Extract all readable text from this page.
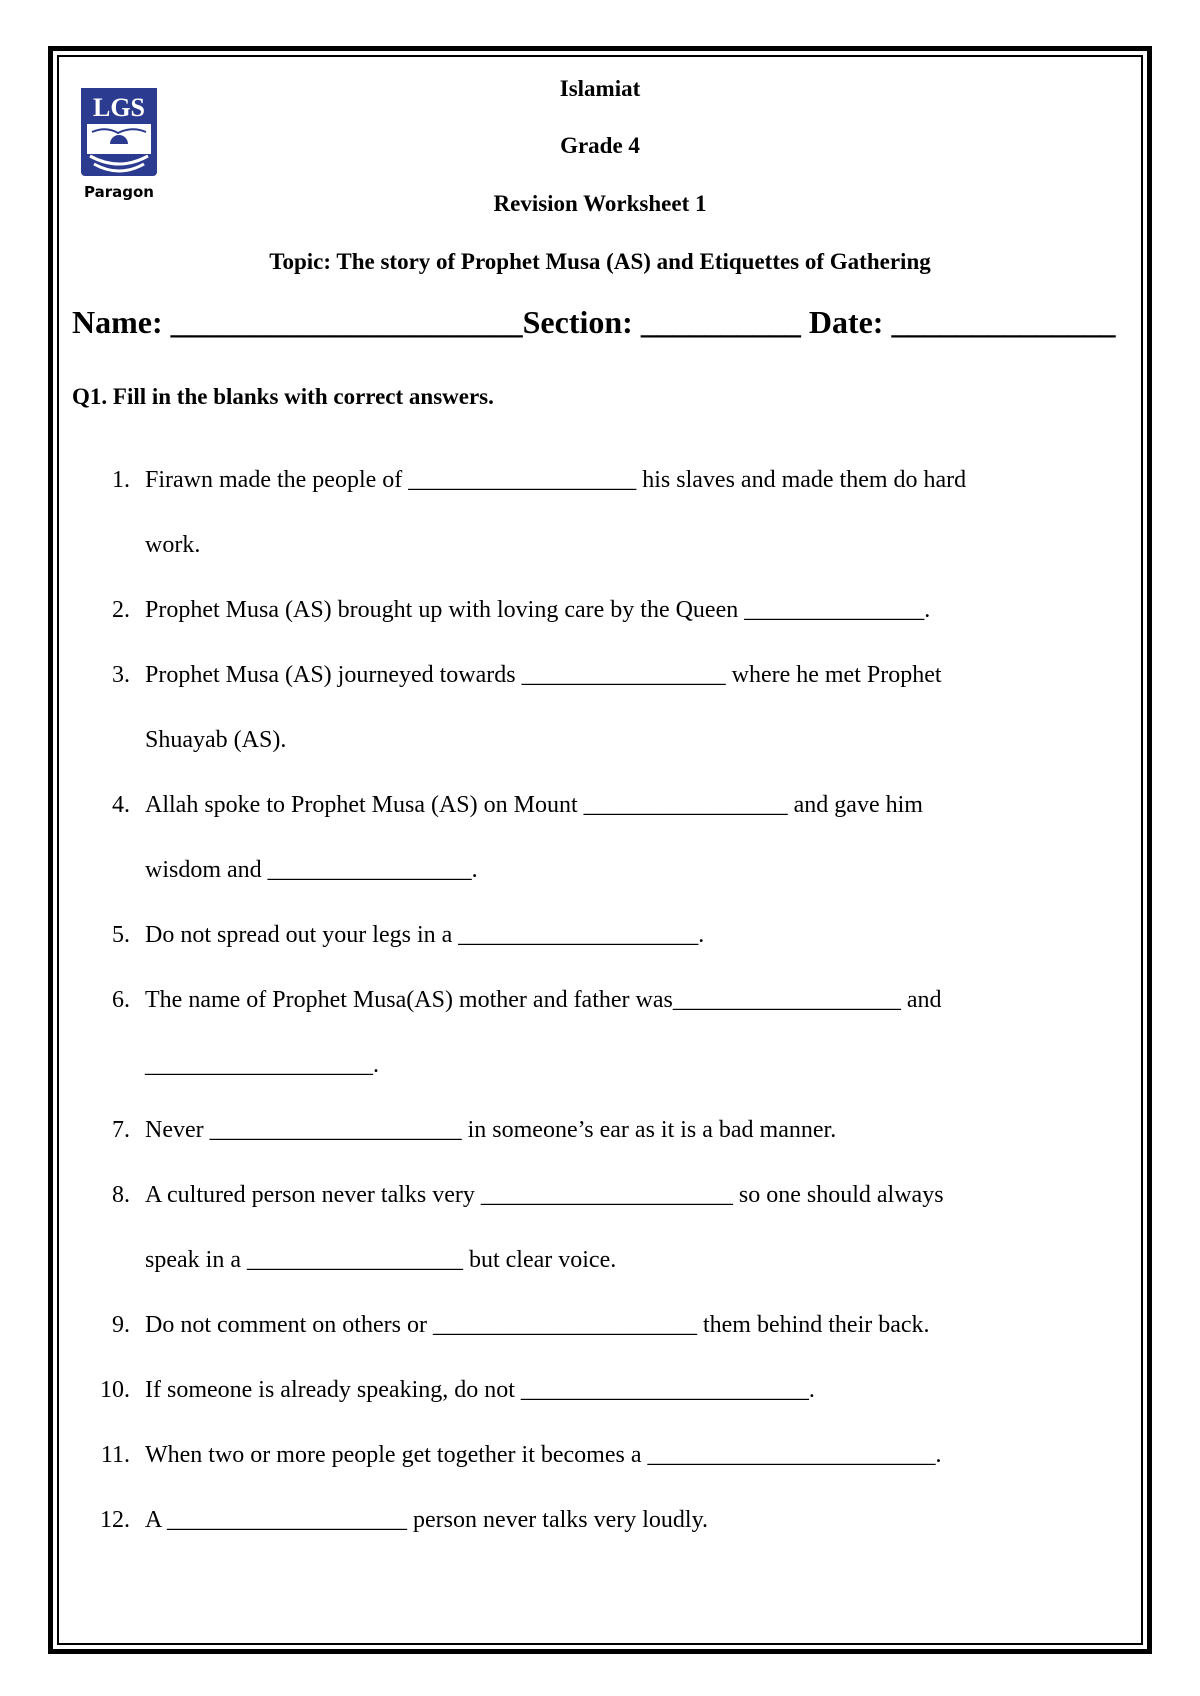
LGS
Paragon
Islamiat
Grade 4
Revision Worksheet 1
Topic: The story of Prophet Musa (AS) and Etiquettes of Gathering
Name: ______________________Section: __________ Date: ______________
Q1. Fill in the blanks with correct answers.
1. Firawn made the people of ___________________ his slaves and made them do hard
work.
2. Prophet Musa (AS) brought up with loving care by the Queen _______________.
3. Prophet Musa (AS) journeyed towards _________________ where he met Prophet
Shuayab (AS).
4. Allah spoke to Prophet Musa (AS) on Mount _________________ and gave him
wisdom and _________________.
5. Do not spread out your legs in a ____________________.
6. The name of Prophet Musa(AS) mother and father was___________________ and
___________________.
7. Never _____________________ in someone’s ear as it is a bad manner.
8. A cultured person never talks very _____________________ so one should always
speak in a __________________ but clear voice.
9. Do not comment on others or ______________________ them behind their back.
10. If someone is already speaking, do not ________________________.
11. When two or more people get together it becomes a ________________________.
12. A ____________________ person never talks very loudly.
